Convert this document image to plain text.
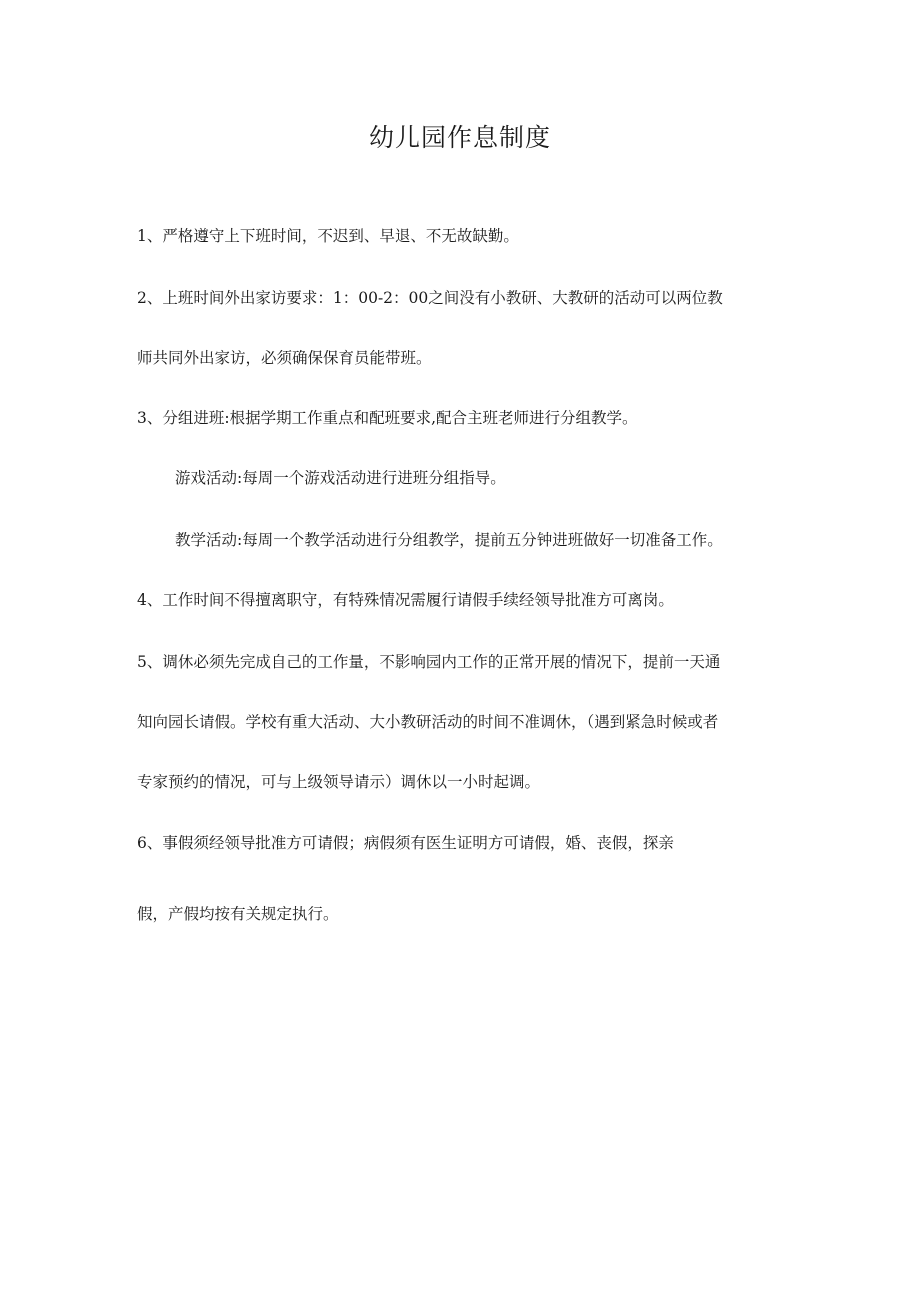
幼儿园作息制度

1、严格遵守上下班时间，不迟到、早退、不无故缺勤。

2、上班时间外出家访要求：1：00-2：00之间没有小教研、大教研的活动可以两位教

师共同外出家访，必须确保保育员能带班。

3、分组进班:根据学期工作重点和配班要求,配合主班老师进行分组教学。

游戏活动:每周一个游戏活动进行进班分组指导。

教学活动:每周一个教学活动进行分组教学，提前五分钟进班做好一切准备工作。

4、工作时间不得擅离职守，有特殊情况需履行请假手续经领导批准方可离岗。

5、调休必须先完成自己的工作量，不影响园内工作的正常开展的情况下，提前一天通

知向园长请假。学校有重大活动、大小教研活动的时间不准调休，（遇到紧急时候或者

专家预约的情况，可与上级领导请示）调休以一小时起调。

6、事假须经领导批准方可请假；病假须有医生证明方可请假，婚、丧假，探亲

假，产假均按有关规定执行。
